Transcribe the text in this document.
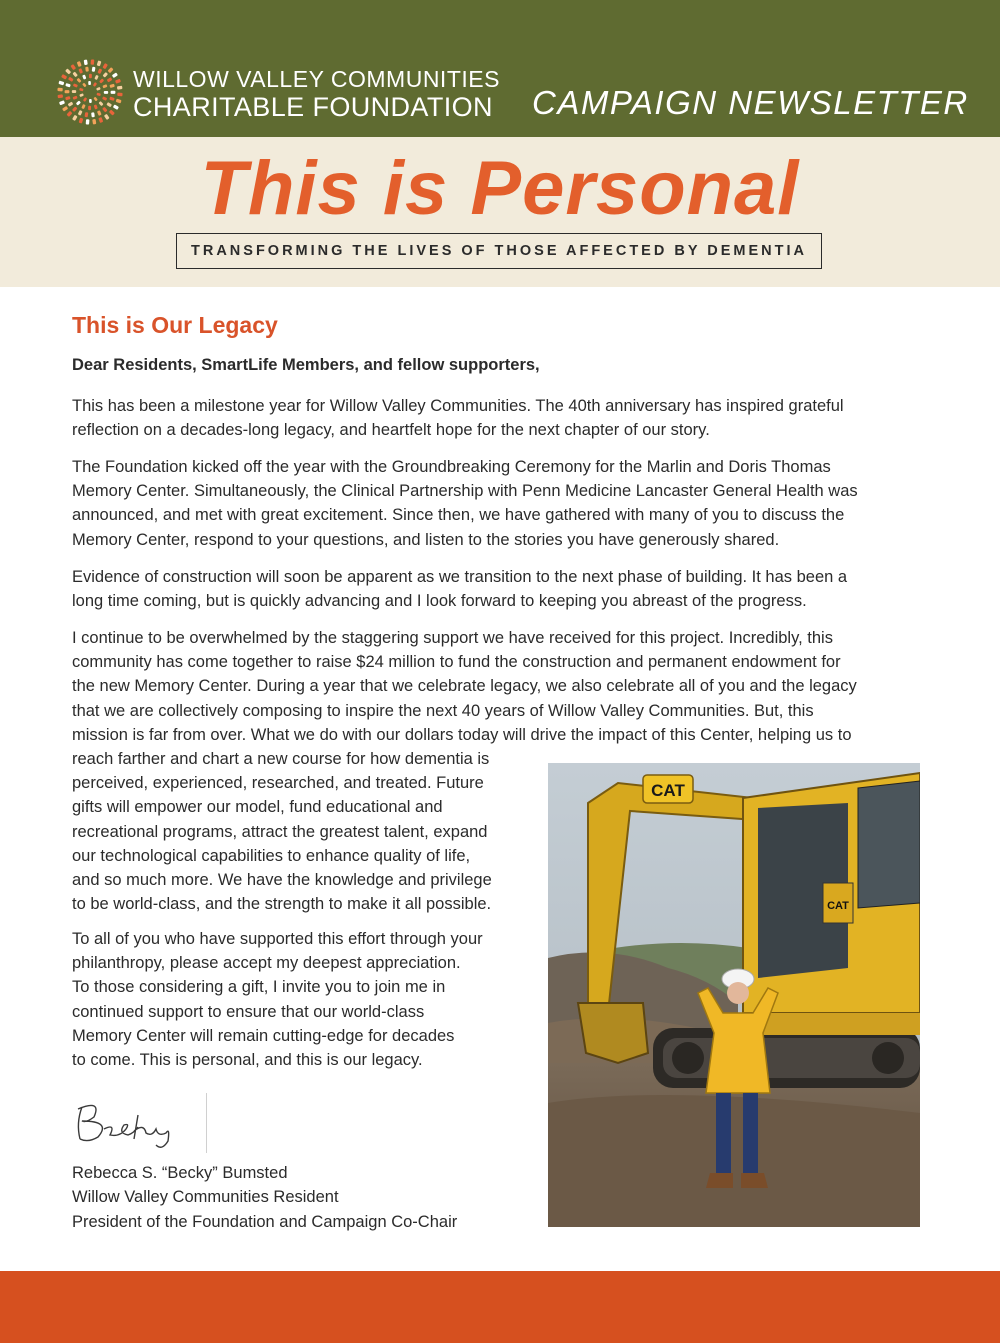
WILLOW VALLEY COMMUNITIES
CHARITABLE FOUNDATION CAMPAIGN NEWSLETTER
This is Personal
TRANSFORMING THE LIVES OF THOSE AFFECTED BY DEMENTIA
This is Our Legacy
Dear Residents, SmartLife Members, and fellow supporters,

This has been a milestone year for Willow Valley Communities. The 40th anniversary has inspired grateful
reflection on a decades-long legacy, and heartfelt hope for the next chapter of our story.

The Foundation kicked off the year with the Groundbreaking Ceremony for the Marlin and Doris Thomas
Memory Center. Simultaneously, the Clinical Partnership with Penn Medicine Lancaster General Health was
announced, and met with great excitement. Since then, we have gathered with many of you to discuss the
Memory Center, respond to your questions, and listen to the stories you have generously shared.

Evidence of construction will soon be apparent as we transition to the next phase of building. It has been a
long time coming, but is quickly advancing and I look forward to keeping you abreast of the progress.

I continue to be overwhelmed by the staggering support we have received for this project. Incredibly, this
community has come together to raise $24 million to fund the construction and permanent endowment for
the new Memory Center. During a year that we celebrate legacy, we also celebrate all of you and the legacy
that we are collectively composing to inspire the next 40 years of Willow Valley Communities. But, this
mission is far from over. What we do with our dollars today will drive the impact of this Center, helping us to
reach farther and chart a new course for how dementia is
perceived, experienced, researched, and treated. Future
gifts will empower our model, fund educational and
recreational programs, attract the greatest talent, expand
our technological capabilities to enhance quality of life,
and so much more. We have the knowledge and privilege
to be world-class, and the strength to make it all possible.

To all of you who have supported this effort through your
philanthropy, please accept my deepest appreciation.
To those considering a gift, I invite you to join me in
continued support to ensure that our world-class
Memory Center will remain cutting-edge for decades
to come. This is personal, and this is our legacy.

CAT
CAT
Becky
Rebecca S. “Becky” Bumsted
Willow Valley Communities Resident
President of the Foundation and Campaign Co-Chair
